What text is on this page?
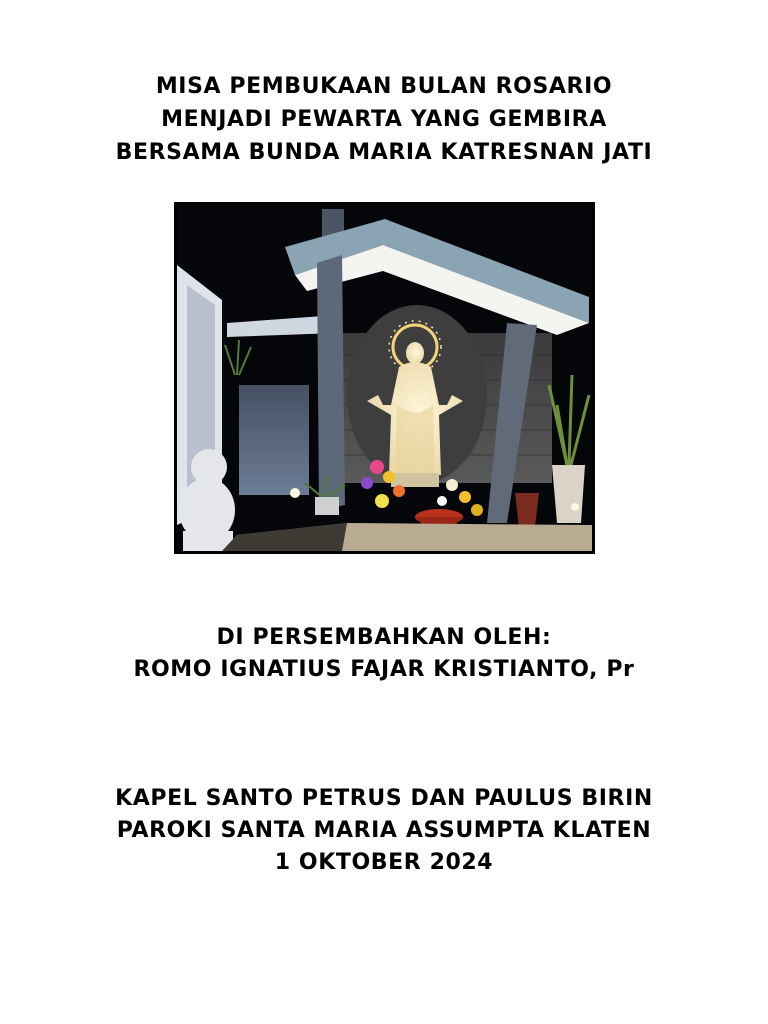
MISA PEMBUKAAN BULAN ROSARIO
MENJADI PEWARTA YANG GEMBIRA
BERSAMA BUNDA MARIA KATRESNAN JATI
DI PERSEMBAHKAN OLEH:
ROMO IGNATIUS FAJAR KRISTIANTO, Pr
KAPEL SANTO PETRUS DAN PAULUS BIRIN
PAROKI SANTA MARIA ASSUMPTA KLATEN
1 OKTOBER 2024
